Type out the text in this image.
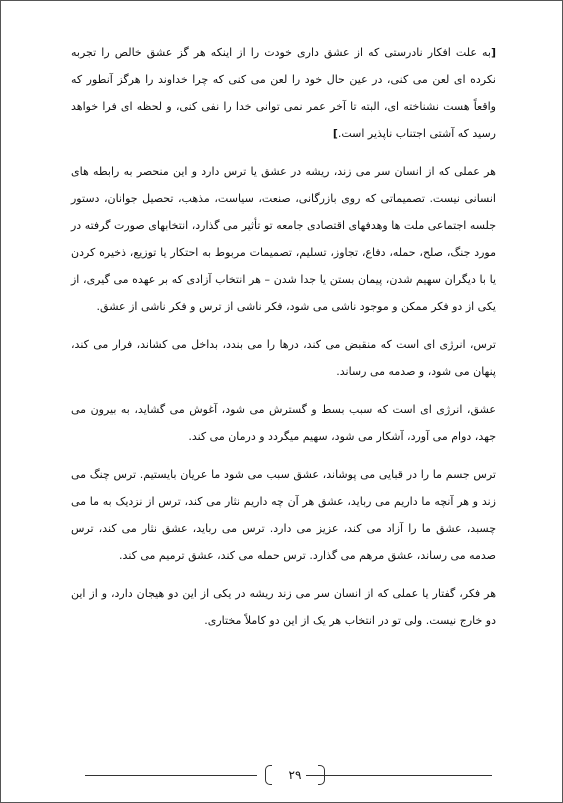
[به علت افکار نادرستی که از عشق داری خودت را از اینکه هر گز عشق خالص را تجربه نکرده ای لعن می کنی، در عین حال خود را لعن می کنی که چرا خداوند را هرگز آنطور که واقعاً هست نشناخته ای، البته تا آخر عمر نمی توانی خدا را نفی کنی، و لحظه ای فرا خواهد رسید که آشتی اجتناب ناپذیر است.]

هر عملی که از انسان سر می زند، ریشه در عشق یا ترس دارد و این منحصر به رابطه های انسانی نیست. تصمیماتی که روی بازرگانی، صنعت، سیاست، مذهب، تحصیل جوانان، دستور جلسه اجتماعی ملت ها وهدفهای اقتصادی جامعه تو تأثیر می گذارد، انتخابهای صورت گرفته در مورد جنگ، صلح، حمله، دفاع، تجاوز، تسلیم، تصمیمات مربوط به احتکار یا توزیع، ذخیره کردن یا با دیگران سهیم شدن، پیمان بستن یا جدا شدن – هر انتخاب آزادی که بر عهده می گیری، از یکی از دو فکر ممکن و موجود ناشی می شود، فکر ناشی از ترس و فکر ناشی از عشق.

ترس، انرژی ای است که منقبض می کند، درها را می بندد، بداخل می کشاند، فرار می کند، پنهان می شود، و صدمه می رساند.

عشق، انرژی ای است که سبب بسط و گسترش می شود، آغوش می گشاید، به بیرون می جهد، دوام می آورد، آشکار می شود، سهیم میگردد و درمان می کند.

ترس جسم ما را در قبایی می پوشاند، عشق سبب می شود ما عریان بایستیم. ترس چنگ می زند و هر آنچه ما داریم می رباید، عشق هر آن چه داریم نثار می کند، ترس از نزدیک به ما می چسبد، عشق ما را آزاد می کند، عزیز می دارد. ترس می رباید، عشق نثار می کند، ترس صدمه می رساند، عشق مرهم می گذارد. ترس حمله می کند، عشق ترمیم می کند.

هر فکر، گفتار یا عملی که از انسان سر می زند ریشه در یکی از این دو هیجان دارد، و از این دو خارج نیست. ولی تو در انتخاب هر یک از این دو کاملاً مختاری.

۲۹
